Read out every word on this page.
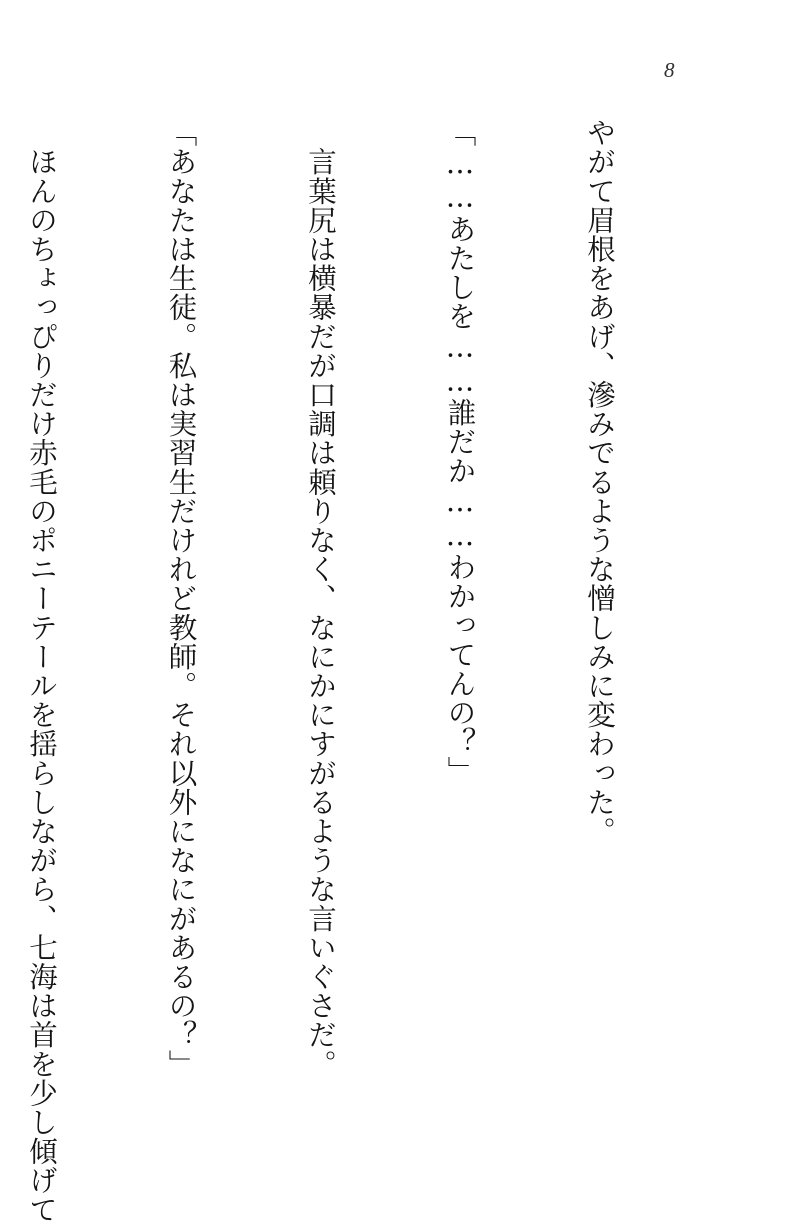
8

やがて眉根をあげ、滲みでるような憎しみに変わった。

「……あたしを……誰だか……わかってんの？」

　言葉尻は横暴だが口調は頼りなく、なにかにすがるような言いぐさだ。

「あなたは生徒。私は実習生だけれど教師。それ以外になにがあるの？」

　ほんのちょっぴりだけ赤毛のポニーテールを揺らしながら、七海は首を少し傾げて
